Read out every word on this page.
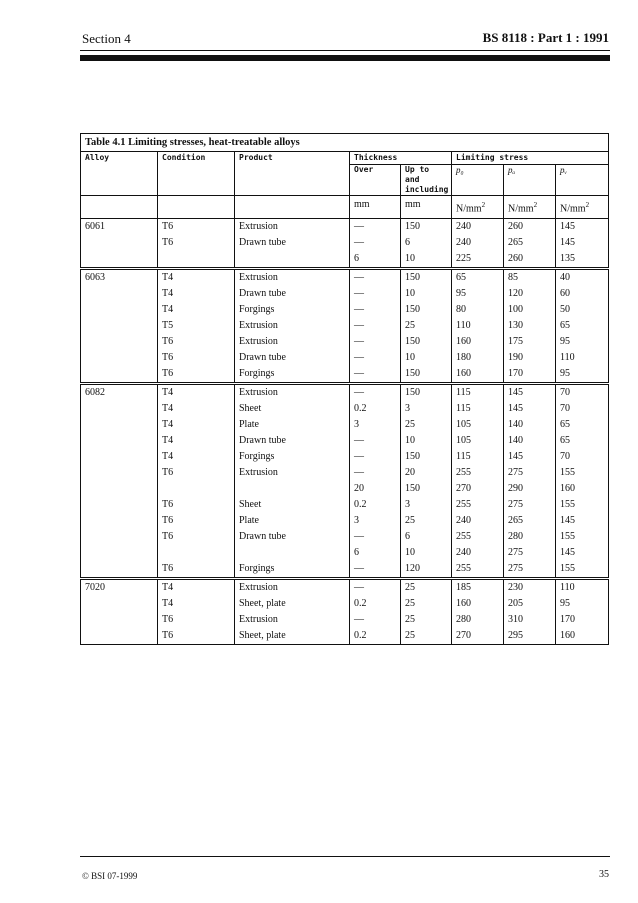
Section 4	BS 8118 : Part 1 : 1991
Table 4.1 Limiting stresses, heat-treatable alloys							
Alloy	Condition	Product	Thickness		Limiting stress		
			Over	Up to and including	p₀	pₐ	pᵥ
			mm	mm	$N/mm^2$	$N/mm^2$	$N/mm^2$
6061	T6	Extrusion	—	150	240	260	145
	T6	Drawn tube	—	6	240	265	145
			6	10	225	260	135
6063	T4	Extrusion	—	150	65	85	40
	T4	Drawn tube	—	10	95	120	60
	T4	Forgings	—	150	80	100	50
	T5	Extrusion	—	25	110	130	65
	T6	Extrusion	—	150	160	175	95
	T6	Drawn tube	—	10	180	190	110
	T6	Forgings	—	150	160	170	95
6082	T4	Extrusion	—	150	115	145	70
	T4	Sheet	0.2	3	115	145	70
	T4	Plate	3	25	105	140	65
	T4	Drawn tube	—	10	105	140	65
	T4	Forgings	—	150	115	145	70
	T6	Extrusion	—	20	255	275	155
			20	150	270	290	160
	T6	Sheet	0.2	3	255	275	155
	T6	Plate	3	25	240	265	145
	T6	Drawn tube	—	6	255	280	155
			6	10	240	275	145
	T6	Forgings	—	120	255	275	155
7020	T4	Extrusion	—	25	185	230	110
	T4	Sheet, plate	0.2	25	160	205	95
	T6	Extrusion	—	25	280	310	170
	T6	Sheet, plate	0.2	25	270	295	160
© BSI 07-1999	35
